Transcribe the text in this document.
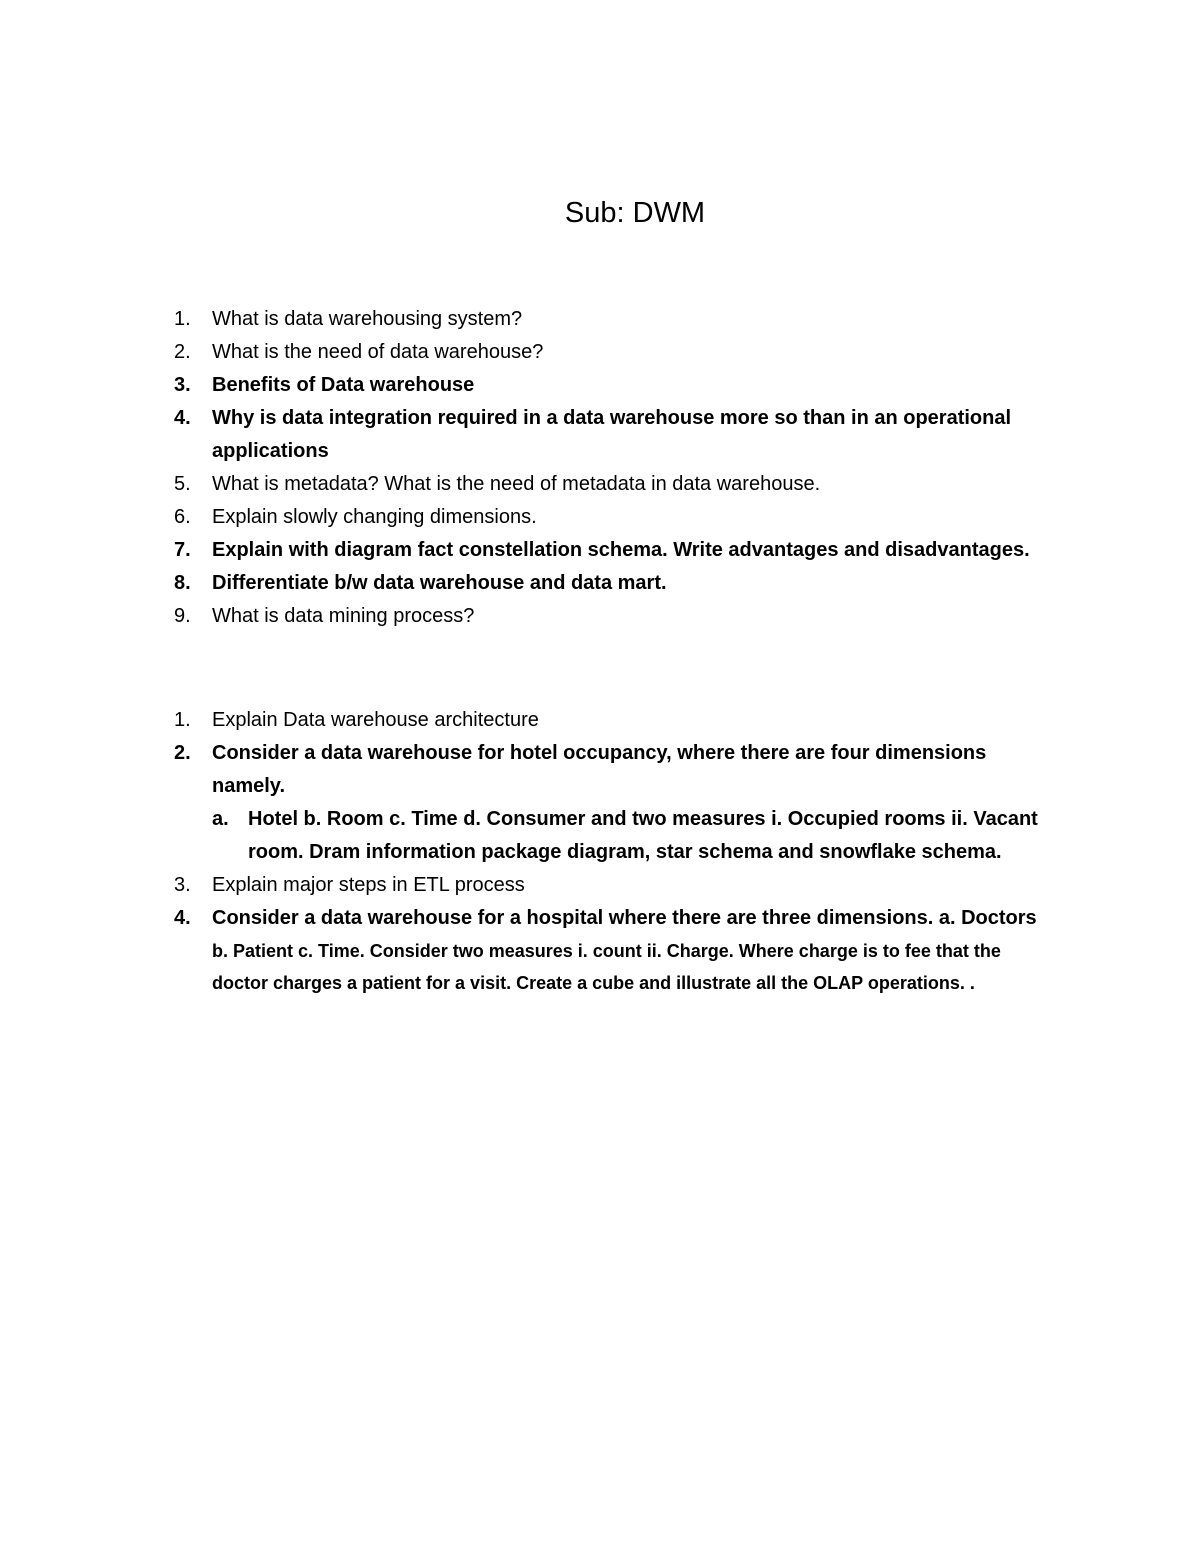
Sub: DWM
1.	What is data warehousing system?
2.	What is the need of data warehouse?
3.	Benefits of Data warehouse
4.	Why is data integration required in a data warehouse more so than in an operational applications
5.	What is metadata? What is the need of metadata in data warehouse.
6.	Explain slowly changing dimensions.
7.	Explain with diagram fact constellation schema. Write advantages and disadvantages.
8.	Differentiate b/w data warehouse and data mart.
9.	What is data mining process?
1.	Explain Data warehouse architecture
2.	Consider a data warehouse for hotel occupancy, where there are four dimensions namely.
a. Hotel b. Room c. Time d. Consumer and two measures i. Occupied rooms ii. Vacant room. Dram information package diagram, star schema and snowflake schema.
3.	Explain major steps in ETL process
4.	Consider a data warehouse for a hospital where there are three dimensions. a. Doctors
b. Patient c. Time. Consider two measures i. count ii. Charge. Where charge is to fee that the doctor charges a patient for a visit. Create a cube and illustrate all the OLAP operations. .
